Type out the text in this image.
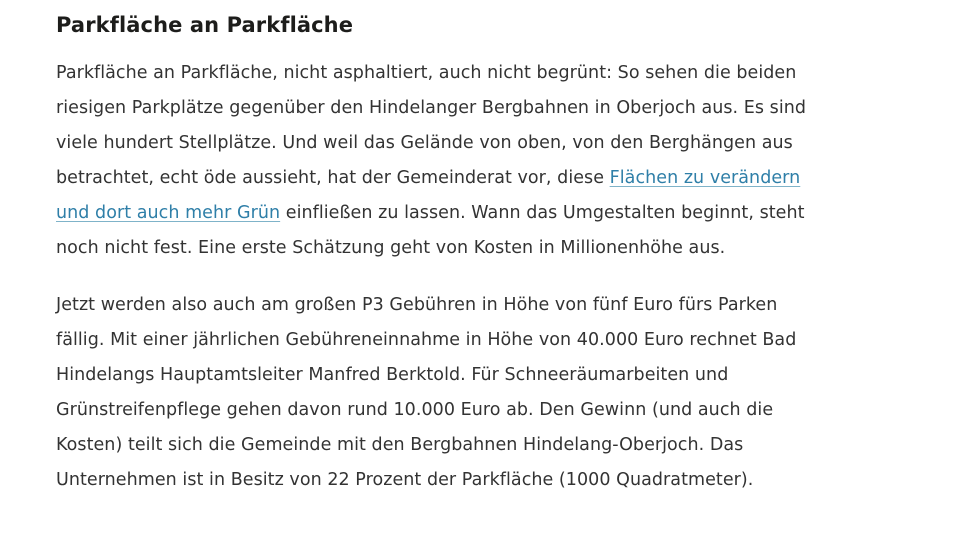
Parkfläche an Parkfläche

Parkfläche an Parkfläche, nicht asphaltiert, auch nicht begrünt: So sehen die beiden riesigen Parkplätze gegenüber den Hindelanger Bergbahnen in Oberjoch aus. Es sind viele hundert Stellplätze. Und weil das Gelände von oben, von den Berghängen aus betrachtet, echt öde aussieht, hat der Gemeinderat vor, diese Flächen zu verändern und dort auch mehr Grün einfließen zu lassen. Wann das Umgestalten beginnt, steht noch nicht fest. Eine erste Schätzung geht von Kosten in Millionenhöhe aus.

Jetzt werden also auch am großen P3 Gebühren in Höhe von fünf Euro fürs Parken fällig. Mit einer jährlichen Gebühreneinnahme in Höhe von 40.000 Euro rechnet Bad Hindelangs Hauptamtsleiter Manfred Berktold. Für Schneeräumarbeiten und Grünstreifenpflege gehen davon rund 10.000 Euro ab. Den Gewinn (und auch die Kosten) teilt sich die Gemeinde mit den Bergbahnen Hindelang-Oberjoch. Das Unternehmen ist in Besitz von 22 Prozent der Parkfläche (1000 Quadratmeter).
